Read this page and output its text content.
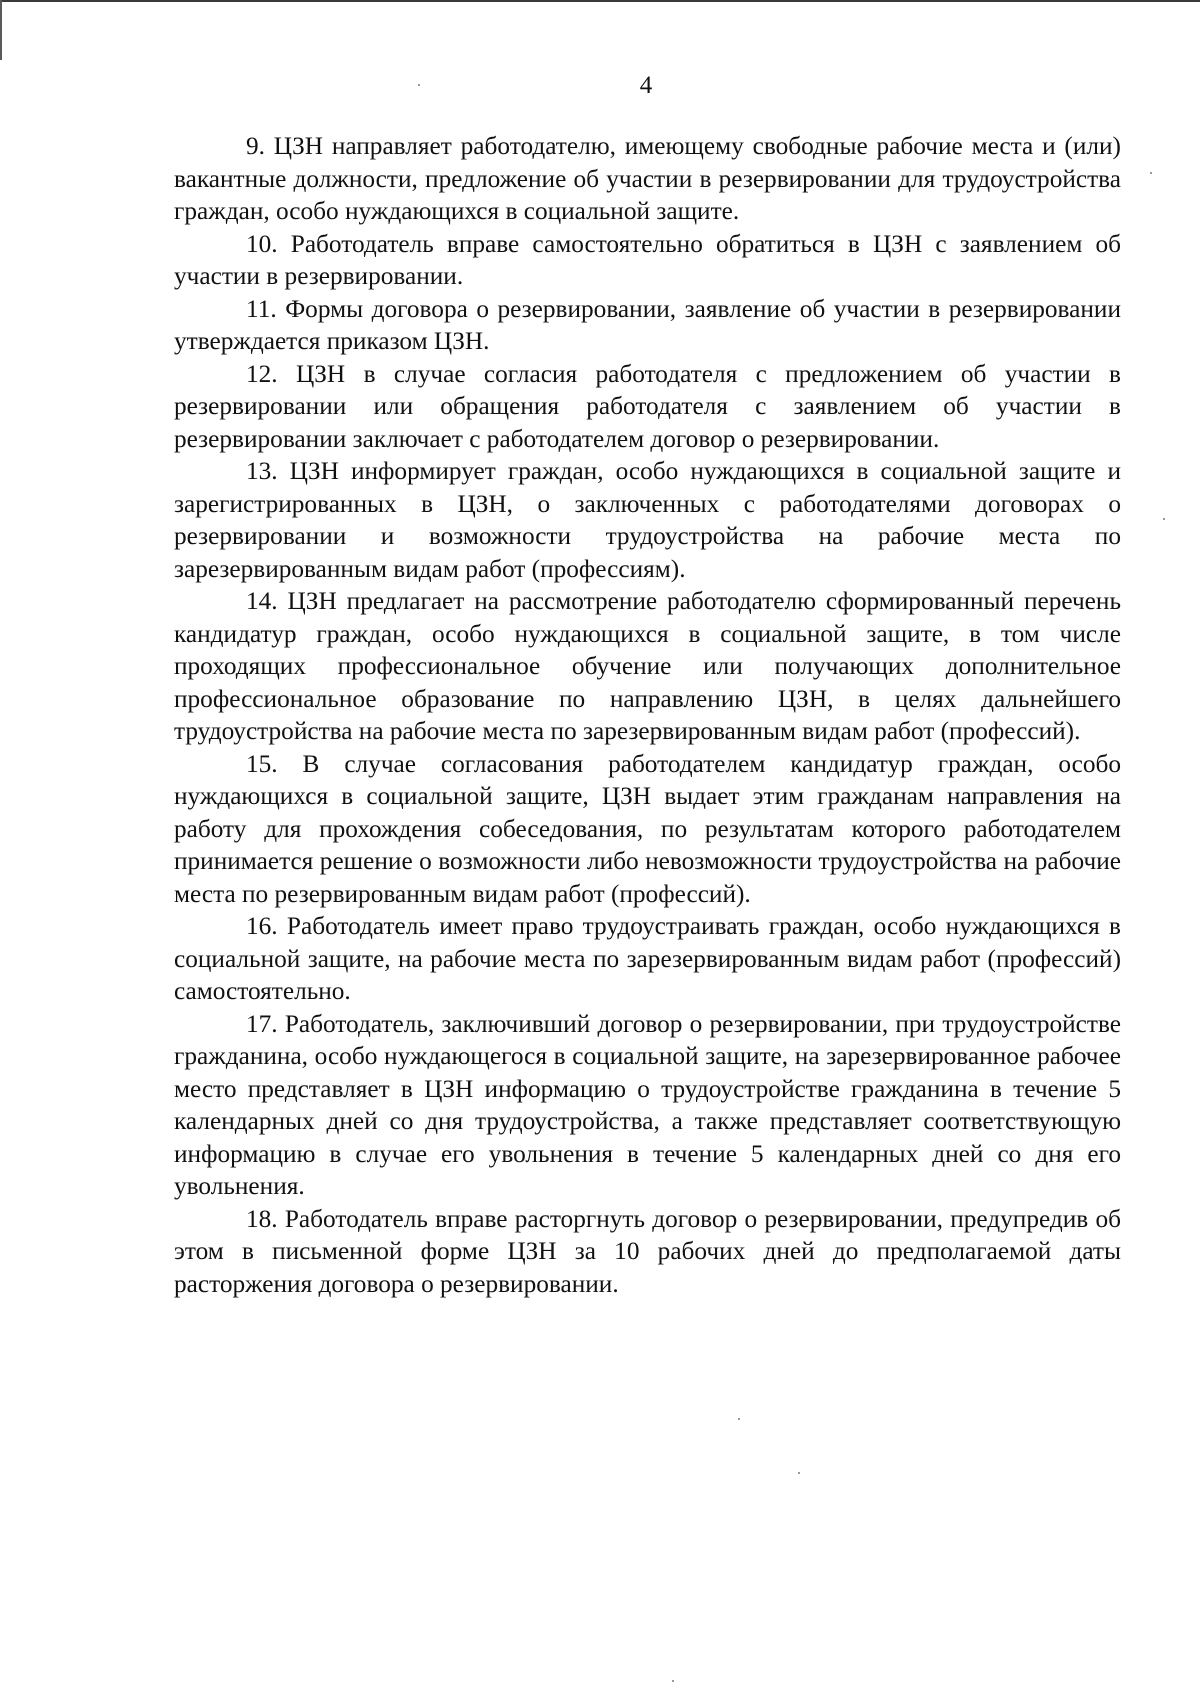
4

9. ЦЗН направляет работодателю, имеющему свободные рабочие места и (или) вакантные должности, предложение об участии в резервировании для трудоустройства граждан, особо нуждающихся в социальной защите.

10. Работодатель вправе самостоятельно обратиться в ЦЗН с заявлением об участии в резервировании.

11. Формы договора о резервировании, заявление об участии в резервировании утверждается приказом ЦЗН.

12. ЦЗН в случае согласия работодателя с предложением об участии в резервировании или обращения работодателя с заявлением об участии в резервировании заключает с работодателем договор о резервировании.

13. ЦЗН информирует граждан, особо нуждающихся в социальной защите и зарегистрированных в ЦЗН, о заключенных с работодателями договорах о резервировании и возможности трудоустройства на рабочие места по зарезервированным видам работ (профессиям).

14. ЦЗН предлагает на рассмотрение работодателю сформированный перечень кандидатур граждан, особо нуждающихся в социальной защите, в том числе проходящих профессиональное обучение или получающих дополнительное профессиональное образование по направлению ЦЗН, в целях дальнейшего трудоустройства на рабочие места по зарезервированным видам работ (профессий).

15. В случае согласования работодателем кандидатур граждан, особо нуждающихся в социальной защите, ЦЗН выдает этим гражданам направления на работу для прохождения собеседования, по результатам которого работодателем принимается решение о возможности либо невозможности трудоустройства на рабочие места по резервированным видам работ (профессий).

16. Работодатель имеет право трудоустраивать граждан, особо нуждающихся в социальной защите, на рабочие места по зарезервированным видам работ (профессий) самостоятельно.

17. Работодатель, заключивший договор о резервировании, при трудоустройстве гражданина, особо нуждающегося в социальной защите, на зарезервированное рабочее место представляет в ЦЗН информацию о трудоустройстве гражданина в течение 5 календарных дней со дня трудоустройства, а также представляет соответствующую информацию в случае его увольнения в течение 5 календарных дней со дня его увольнения.

18. Работодатель вправе расторгнуть договор о резервировании, предупредив об этом в письменной форме ЦЗН за 10 рабочих дней до предполагаемой даты расторжения договора о резервировании.
